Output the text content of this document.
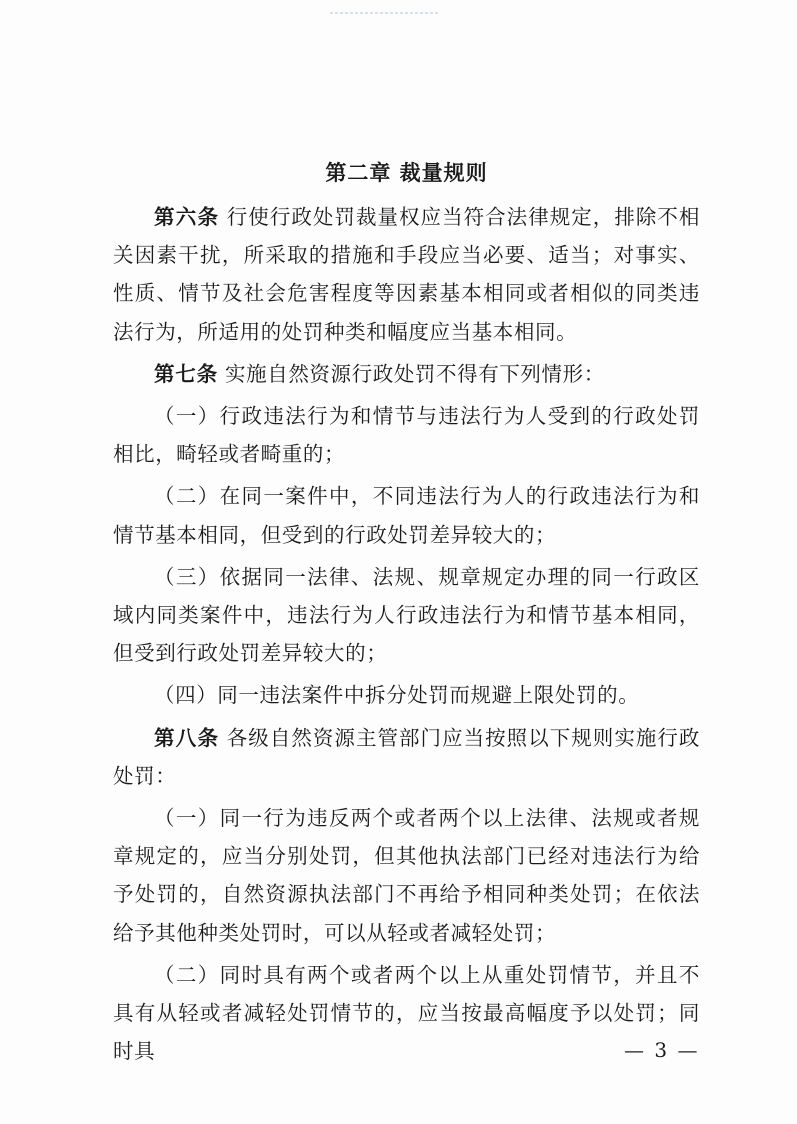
第二章 裁量规则

第六条 行使行政处罚裁量权应当符合法律规定，排除不相关因素干扰，所采取的措施和手段应当必要、适当；对事实、性质、情节及社会危害程度等因素基本相同或者相似的同类违法行为，所适用的处罚种类和幅度应当基本相同。

第七条 实施自然资源行政处罚不得有下列情形：

（一）行政违法行为和情节与违法行为人受到的行政处罚相比，畸轻或者畸重的；

（二）在同一案件中，不同违法行为人的行政违法行为和情节基本相同，但受到的行政处罚差异较大的；

（三）依据同一法律、法规、规章规定办理的同一行政区域内同类案件中，违法行为人行政违法行为和情节基本相同，但受到行政处罚差异较大的；

（四）同一违法案件中拆分处罚而规避上限处罚的。

第八条 各级自然资源主管部门应当按照以下规则实施行政处罚：

（一）同一行为违反两个或者两个以上法律、法规或者规章规定的，应当分别处罚，但其他执法部门已经对违法行为给予处罚的，自然资源执法部门不再给予相同种类处罚；在依法给予其他种类处罚时，可以从轻或者减轻处罚；

（二）同时具有两个或者两个以上从重处罚情节，并且不具有从轻或者减轻处罚情节的，应当按最高幅度予以处罚；同时具	— 3 —
